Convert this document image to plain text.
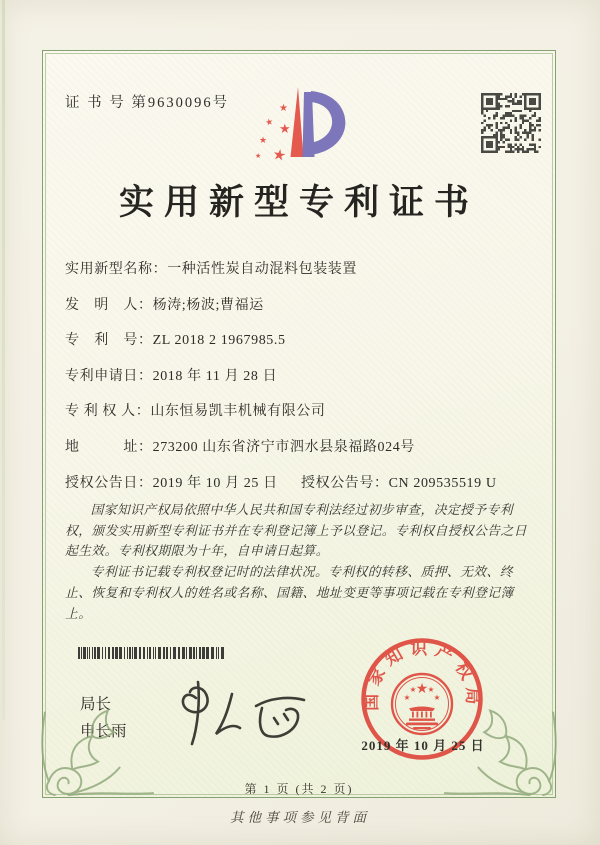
证 书 号 第9630096号	★
★ ★
★
★ ★
实用新型专利证书
实用新型名称：一种活性炭自动混料包装装置
发　明　人：杨涛;杨波;曹福运
专　利　号：ZL 2018 2 1967985.5
专利申请日：2018 年 11 月 28 日
专 利 权 人：山东恒易凯丰机械有限公司
地　　　址：273200 山东省济宁市泗水县泉福路024号
授权公告日：2019 年 10 月 25 日 授权公告号：CN 209535519 U

国家知识产权局依照中华人民共和国专利法经过初步审查，决定授予专利权，颁发实用新型专利证书并在专利登记簿上予以登记。专利权自授权公告之日起生效。专利权期限为十年，自申请日起算。

专利证书记载专利权登记时的法律状况。专利权的转移、质押、无效、终止、恢复和专利权人的姓名或名称、国籍、地址变更等事项记载在专利登记簿上。

局长
申长雨
国家知识产权局
★
★
★ ★
★
2019 年 10 月 25 日
第 1 页 (共 2 页)
其他事项参见背面
